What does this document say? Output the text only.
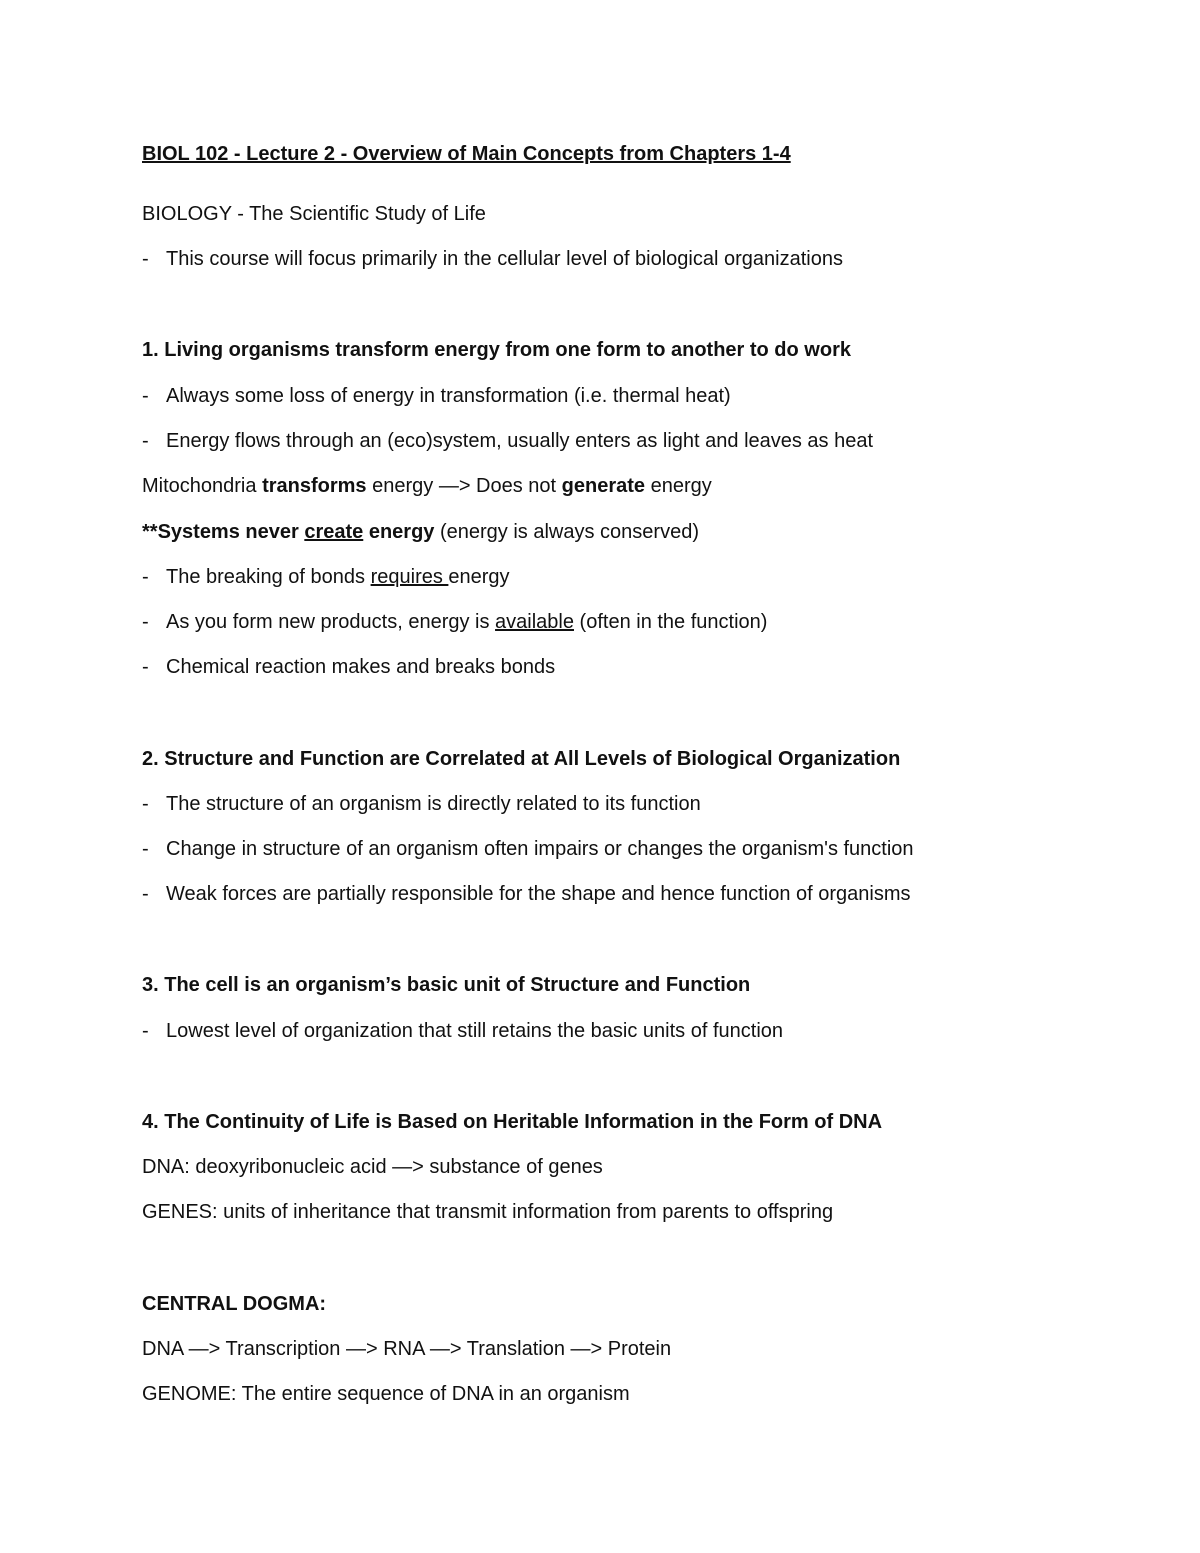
BIOL 102 - Lecture 2 - Overview of Main Concepts from Chapters 1-4
BIOLOGY - The Scientific Study of Life
- This course will focus primarily in the cellular level of biological organizations
1. Living organisms transform energy from one form to another to do work
- Always some loss of energy in transformation (i.e. thermal heat)
- Energy flows through an (eco)system, usually enters as light and leaves as heat
Mitochondria transforms energy —> Does not generate energy
**Systems never create energy (energy is always conserved)
- The breaking of bonds requires energy
- As you form new products, energy is available (often in the function)
- Chemical reaction makes and breaks bonds
2. Structure and Function are Correlated at All Levels of Biological Organization
- The structure of an organism is directly related to its function
- Change in structure of an organism often impairs or changes the organism's function
- Weak forces are partially responsible for the shape and hence function of organisms
3. The cell is an organism’s basic unit of Structure and Function
- Lowest level of organization that still retains the basic units of function
4. The Continuity of Life is Based on Heritable Information in the Form of DNA
DNA: deoxyribonucleic acid —> substance of genes
GENES: units of inheritance that transmit information from parents to offspring
CENTRAL DOGMA:
DNA —> Transcription —> RNA —> Translation —> Protein
GENOME: The entire sequence of DNA in an organism
